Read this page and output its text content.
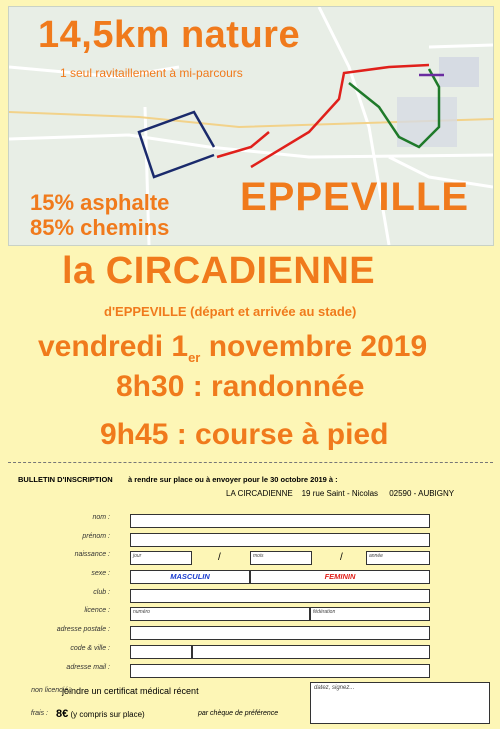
14,5km nature
1 seul ravitaillement à mi-parcours
15% asphalte
85% chemins
EPPEVILLE
la CIRCADIENNE
d'EPPEVILLE (départ et arrivée au stade)
vendredi $1_{er}$ novembre 2019
8h30 : randonnée
9h45 : course à pied
BULLETIN D'INSCRIPTION à rendre sur place ou à envoyer pour le 30 octobre 2019 à :
LA CIRCADIENNE 19 rue Saint - Nicolas 02590 - AUBIGNY
nom :
prénom :
naissance :	jour	/	mois	/	année
sexe :	MASCULIN	FEMININ
club :
licence :	numéro	fédération
adresse postale :
code & ville :
adresse mail :
non licencié :
joindre un certificat médical récent	datez, signez...
frais : 8€ (y compris sur place)	par chèque de préférence
